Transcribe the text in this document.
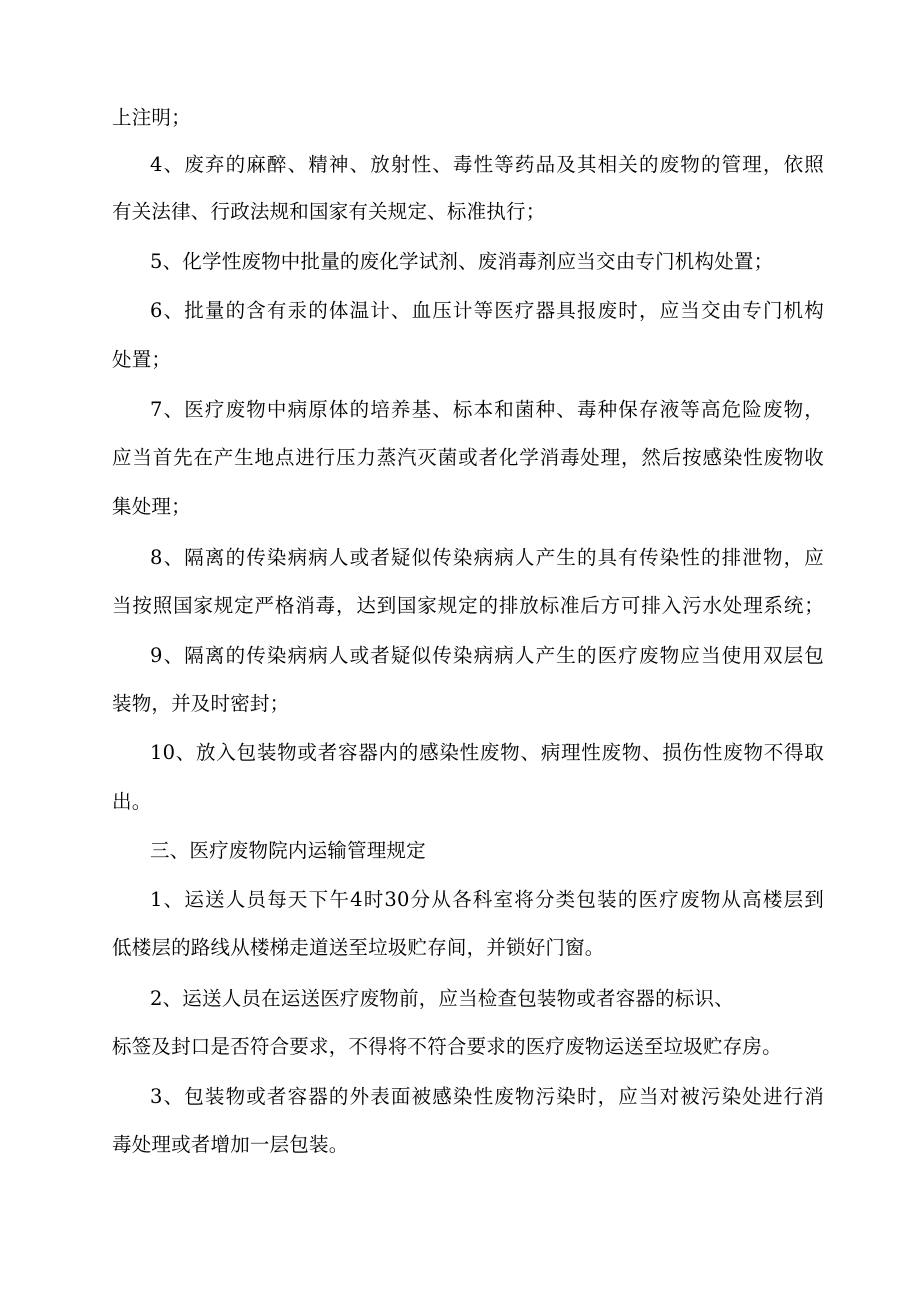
上注明；
4、废弃的麻醉、精神、放射性、毒性等药品及其相关的废物的管理，依照
有关法律、行政法规和国家有关规定、标准执行；
5、化学性废物中批量的废化学试剂、废消毒剂应当交由专门机构处置；
6、批量的含有汞的体温计、血压计等医疗器具报废时，应当交由专门机构
处置；
7、医疗废物中病原体的培养基、标本和菌种、毒种保存液等高危险废物，
应当首先在产生地点进行压力蒸汽灭菌或者化学消毒处理，然后按感染性废物收
集处理；
8、隔离的传染病病人或者疑似传染病病人产生的具有传染性的排泄物，应
当按照国家规定严格消毒，达到国家规定的排放标准后方可排入污水处理系统；
9、隔离的传染病病人或者疑似传染病病人产生的医疗废物应当使用双层包
装物，并及时密封；
10、放入包装物或者容器内的感染性废物、病理性废物、损伤性废物不得取
出。
三、医疗废物院内运输管理规定
1、运送人员每天下午4时30分从各科室将分类包装的医疗废物从高楼层到
低楼层的路线从楼梯走道送至垃圾贮存间，并锁好门窗。
2、运送人员在运送医疗废物前，应当检查包装物或者容器的标识、
标签及封口是否符合要求，不得将不符合要求的医疗废物运送至垃圾贮存房。
3、包装物或者容器的外表面被感染性废物污染时，应当对被污染处进行消
毒处理或者增加一层包装。
